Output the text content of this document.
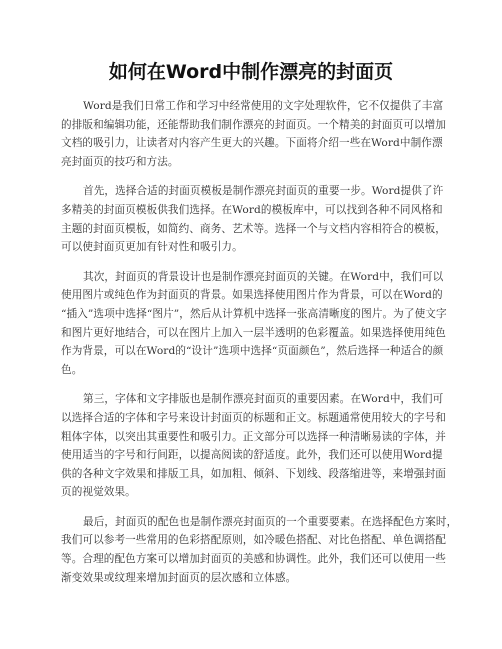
如何在Word中制作漂亮的封面页
Word是我们日常工作和学习中经常使用的文字处理软件，它不仅提供了丰富
的排版和编辑功能，还能帮助我们制作漂亮的封面页。一个精美的封面页可以增加
文档的吸引力，让读者对内容产生更大的兴趣。下面将介绍一些在Word中制作漂
亮封面页的技巧和方法。
首先，选择合适的封面页模板是制作漂亮封面页的重要一步。Word提供了许
多精美的封面页模板供我们选择。在Word的模板库中，可以找到各种不同风格和
主题的封面页模板，如简约、商务、艺术等。选择一个与文档内容相符合的模板，
可以使封面页更加有针对性和吸引力。
其次，封面页的背景设计也是制作漂亮封面页的关键。在Word中，我们可以
使用图片或纯色作为封面页的背景。如果选择使用图片作为背景，可以在Word的
“插入”选项中选择“图片”，然后从计算机中选择一张高清晰度的图片。为了使文字
和图片更好地结合，可以在图片上加入一层半透明的色彩覆盖。如果选择使用纯色
作为背景，可以在Word的“设计”选项中选择“页面颜色”，然后选择一种适合的颜
色。
第三，字体和文字排版也是制作漂亮封面页的重要因素。在Word中，我们可
以选择合适的字体和字号来设计封面页的标题和正文。标题通常使用较大的字号和
粗体字体，以突出其重要性和吸引力。正文部分可以选择一种清晰易读的字体，并
使用适当的字号和行间距，以提高阅读的舒适度。此外，我们还可以使用Word提
供的各种文字效果和排版工具，如加粗、倾斜、下划线、段落缩进等，来增强封面
页的视觉效果。
最后，封面页的配色也是制作漂亮封面页的一个重要要素。在选择配色方案时，
我们可以参考一些常用的色彩搭配原则，如冷暖色搭配、对比色搭配、单色调搭配
等。合理的配色方案可以增加封面页的美感和协调性。此外，我们还可以使用一些
渐变效果或纹理来增加封面页的层次感和立体感。
